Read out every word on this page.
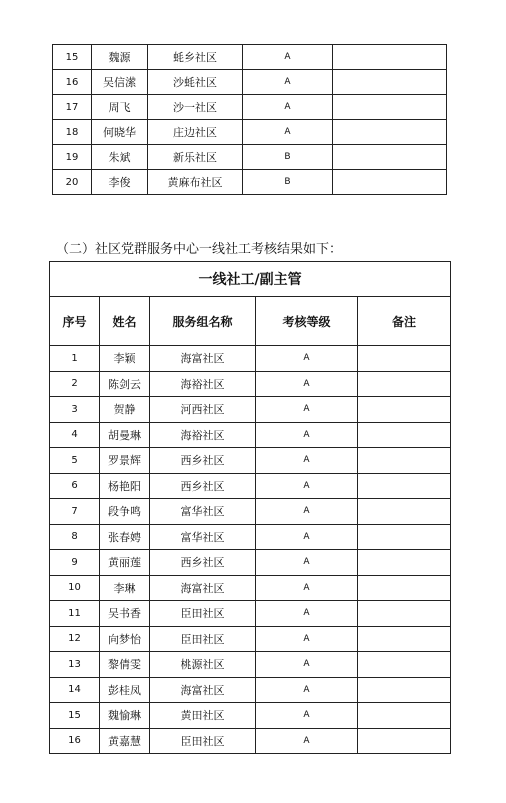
15	魏源	蚝乡社区	A	
16	吴信潆	沙蚝社区	A	
17	周飞	沙一社区	A	
18	何晓华	庄边社区	A	
19	朱斌	新乐社区	B	
20	李俊	黄麻布社区	B	
（二）社区党群服务中心一线社工考核结果如下：
一线社工/副主管				
序号	姓名	服务组名称	考核等级	备注
1	李颖	海富社区	A	
2	陈剑云	海裕社区	A	
3	贺静	河西社区	A	
4	胡曼琳	海裕社区	A	
5	罗景辉	西乡社区	A	
6	杨艳阳	西乡社区	A	
7	段争鸣	富华社区	A	
8	张春娉	富华社区	A	
9	黄丽莲	西乡社区	A	
10	李琳	海富社区	A	
11	吴书香	臣田社区	A	
12	向梦怡	臣田社区	A	
13	黎倩雯	桃源社区	A	
14	彭桂凤	海富社区	A	
15	魏愉琳	黄田社区	A	
16	黄嘉慧	臣田社区	A	
